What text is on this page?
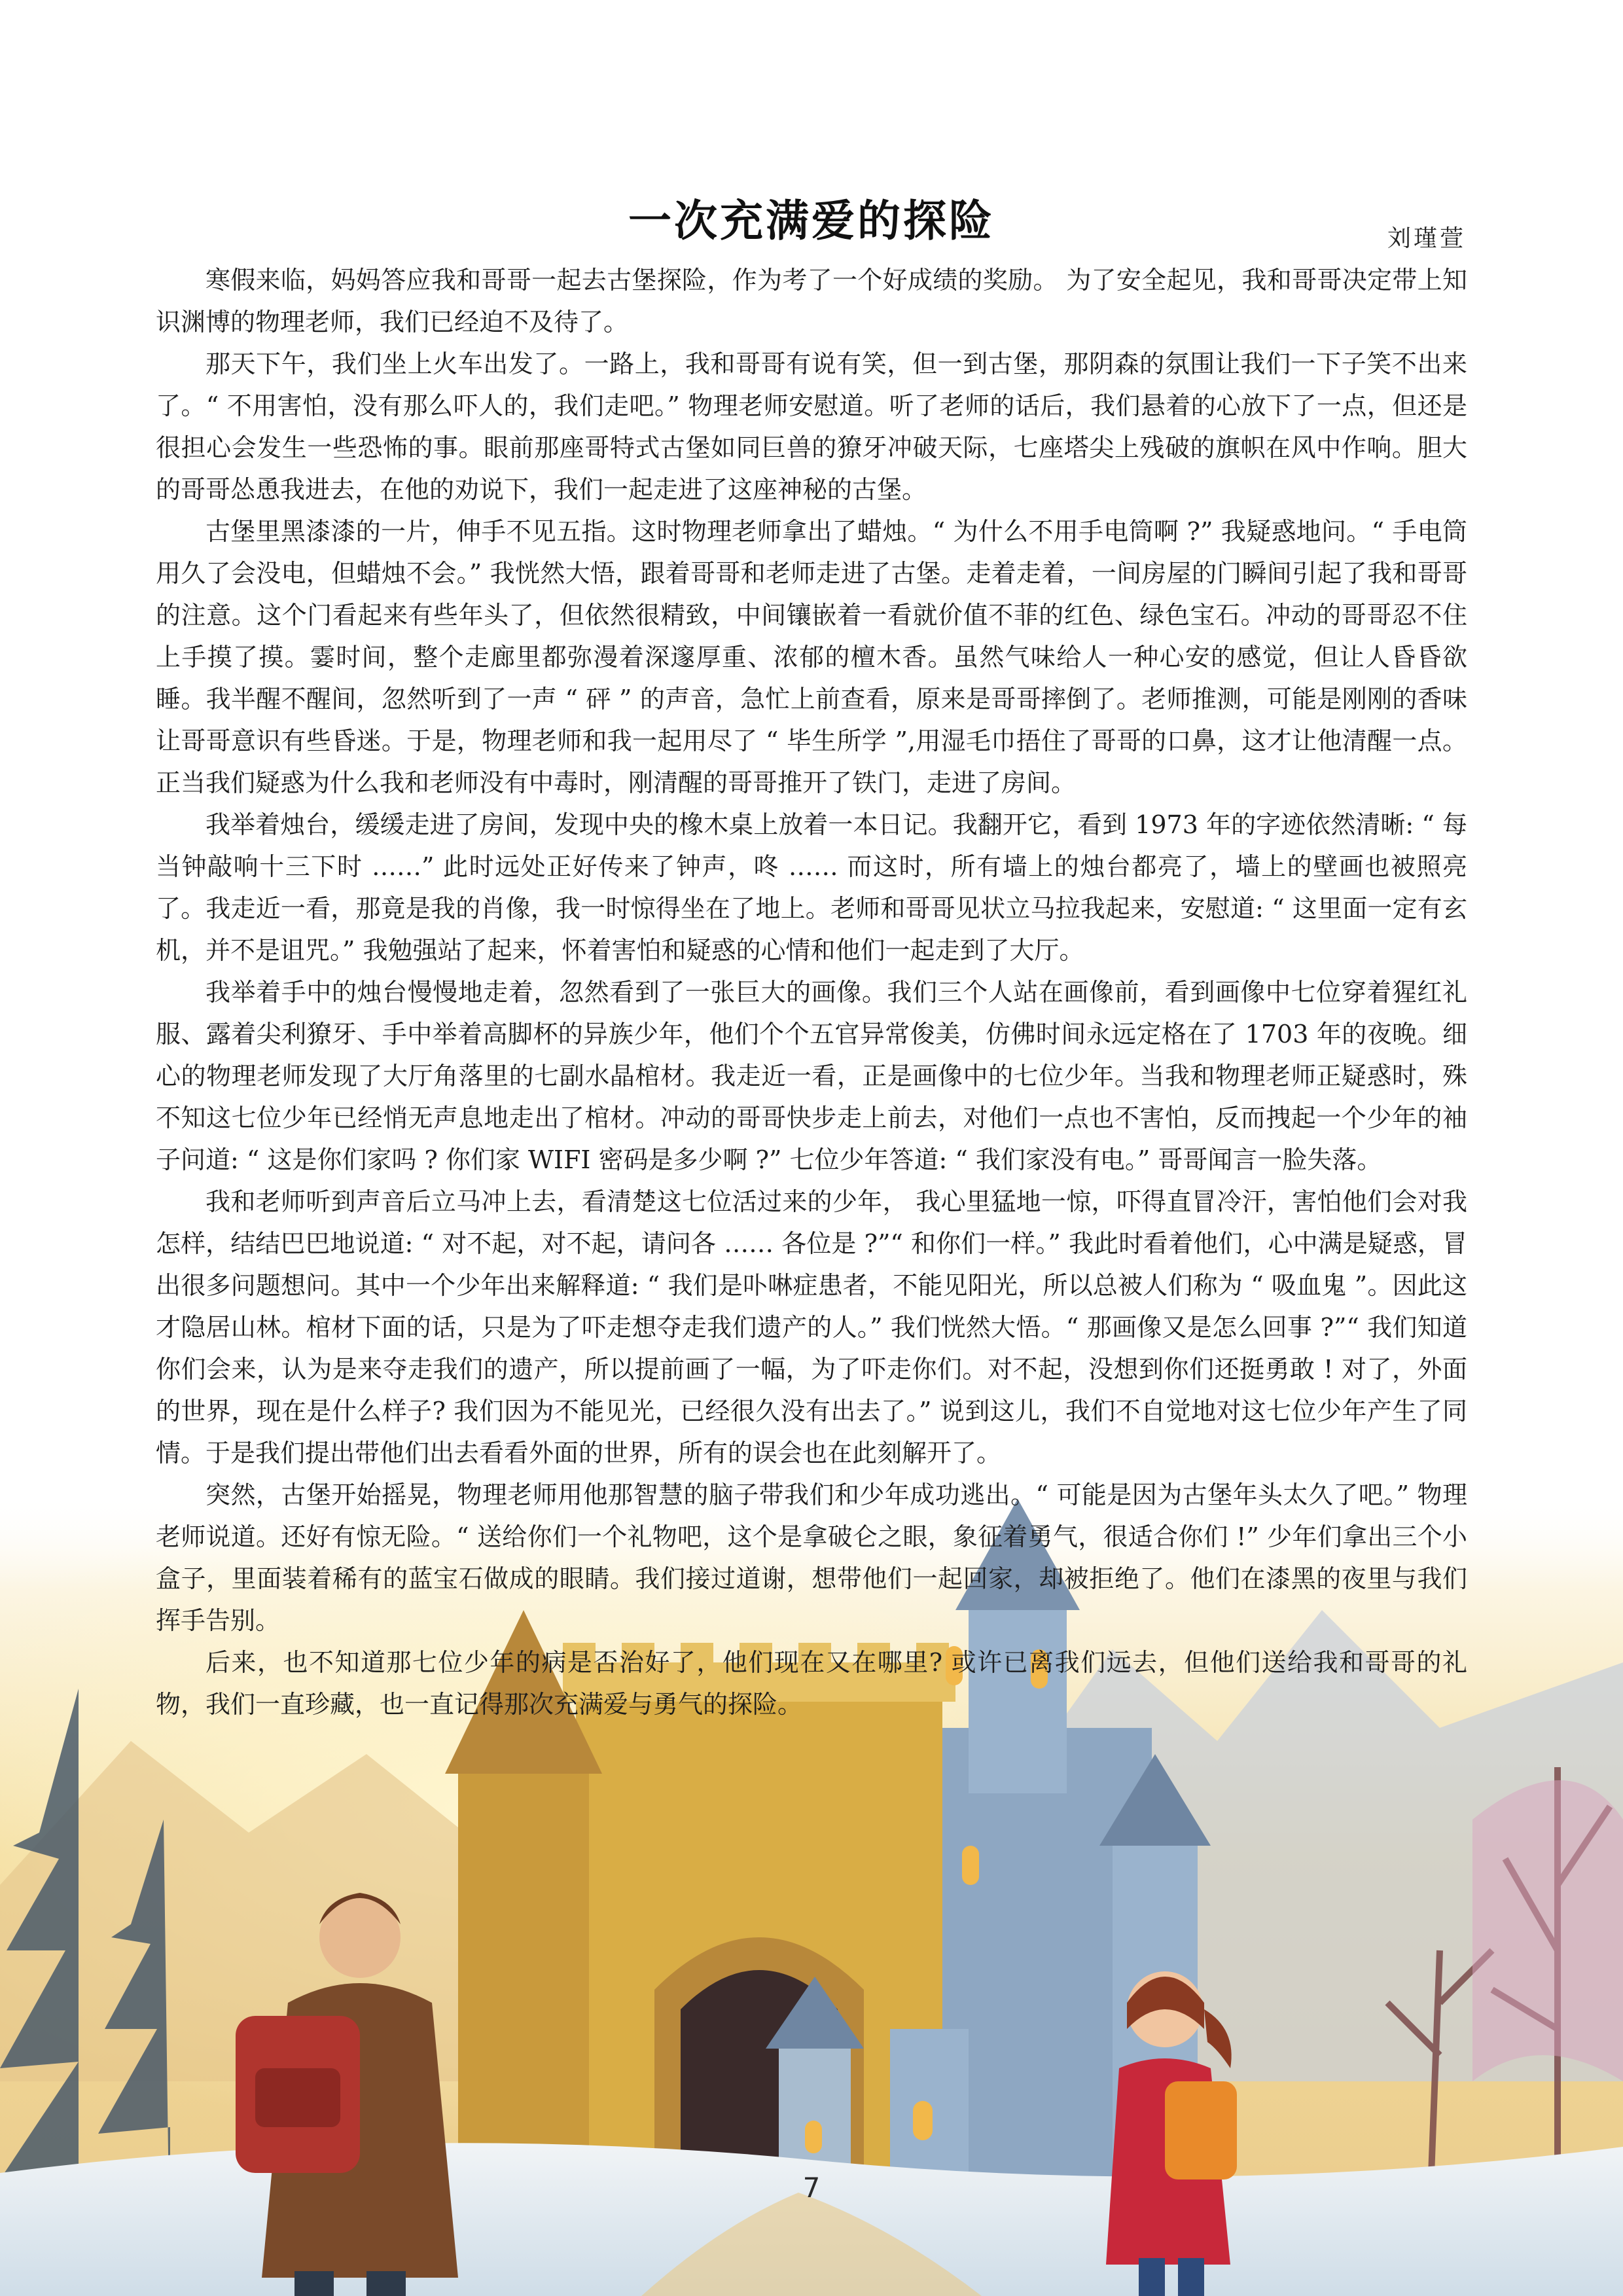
一次充满爱的探险	刘瑾萱

寒假来临，妈妈答应我和哥哥一起去古堡探险，作为考了一个好成绩的奖励。 为了安全起见，我和哥哥决定带上知识渊博的物理老师，我们已经迫不及待了。

那天下午，我们坐上火车出发了。一路上，我和哥哥有说有笑，但一到古堡，那阴森的氛围让我们一下子笑不出来了。“ 不用害怕，没有那么吓人的，我们走吧。” 物理老师安慰道。听了老师的话后，我们悬着的心放下了一点，但还是很担心会发生一些恐怖的事。眼前那座哥特式古堡如同巨兽的獠牙冲破天际，七座塔尖上残破的旗帜在风中作响。胆大的哥哥怂恿我进去，在他的劝说下，我们一起走进了这座神秘的古堡。

古堡里黑漆漆的一片，伸手不见五指。这时物理老师拿出了蜡烛。“ 为什么不用手电筒啊 ?” 我疑惑地问。“ 手电筒用久了会没电，但蜡烛不会。” 我恍然大悟，跟着哥哥和老师走进了古堡。走着走着，一间房屋的门瞬间引起了我和哥哥的注意。这个门看起来有些年头了，但依然很精致，中间镶嵌着一看就价值不菲的红色、绿色宝石。冲动的哥哥忍不住上手摸了摸。霎时间，整个走廊里都弥漫着深邃厚重、浓郁的檀木香。虽然气味给人一种心安的感觉，但让人昏昏欲睡。我半醒不醒间，忽然听到了一声 “ 砰 ” 的声音，急忙上前查看，原来是哥哥摔倒了。老师推测，可能是刚刚的香味让哥哥意识有些昏迷。于是，物理老师和我一起用尽了 “ 毕生所学 ”,用湿毛巾捂住了哥哥的口鼻，这才让他清醒一点。正当我们疑惑为什么我和老师没有中毒时，刚清醒的哥哥推开了铁门，走进了房间。

我举着烛台，缓缓走进了房间，发现中央的橡木桌上放着一本日记。我翻开它，看到 1973 年的字迹依然清晰: “ 每当钟敲响十三下时 ……” 此时远处正好传来了钟声，咚 …… 而这时，所有墙上的烛台都亮了，墙上的壁画也被照亮了。我走近一看，那竟是我的肖像，我一时惊得坐在了地上。老师和哥哥见状立马拉我起来，安慰道: “ 这里面一定有玄机，并不是诅咒。” 我勉强站了起来，怀着害怕和疑惑的心情和他们一起走到了大厅。

我举着手中的烛台慢慢地走着，忽然看到了一张巨大的画像。我们三个人站在画像前，看到画像中七位穿着猩红礼服、露着尖利獠牙、手中举着高脚杯的异族少年，他们个个五官异常俊美，仿佛时间永远定格在了 1703 年的夜晚。细心的物理老师发现了大厅角落里的七副水晶棺材。我走近一看，正是画像中的七位少年。当我和物理老师正疑惑时，殊不知这七位少年已经悄无声息地走出了棺材。冲动的哥哥快步走上前去，对他们一点也不害怕，反而拽起一个少年的袖子问道: “ 这是你们家吗 ? 你们家 WIFI 密码是多少啊 ?” 七位少年答道: “ 我们家没有电。” 哥哥闻言一脸失落。

我和老师听到声音后立马冲上去，看清楚这七位活过来的少年， 我心里猛地一惊，吓得直冒冷汗，害怕他们会对我怎样，结结巴巴地说道: “ 对不起，对不起，请问各 …… 各位是 ?”“ 和你们一样。” 我此时看着他们，心中满是疑惑，冒出很多问题想问。其中一个少年出来解释道: “ 我们是卟啉症患者，不能见阳光，所以总被人们称为 “ 吸血鬼 ”。因此这才隐居山林。棺材下面的话，只是为了吓走想夺走我们遗产的人。” 我们恍然大悟。“ 那画像又是怎么回事 ?”“ 我们知道你们会来，认为是来夺走我们的遗产，所以提前画了一幅，为了吓走你们。对不起，没想到你们还挺勇敢 ! 对了，外面的世界，现在是什么样子? 我们因为不能见光，已经很久没有出去了。” 说到这儿，我们不自觉地对这七位少年产生了同情。于是我们提出带他们出去看看外面的世界，所有的误会也在此刻解开了。

突然，古堡开始摇晃，物理老师用他那智慧的脑子带我们和少年成功逃出。“ 可能是因为古堡年头太久了吧。” 物理老师说道。还好有惊无险。“ 送给你们一个礼物吧，这个是拿破仑之眼，象征着勇气，很适合你们 !” 少年们拿出三个小盒子，里面装着稀有的蓝宝石做成的眼睛。我们接过道谢，想带他们一起回家，却被拒绝了。他们在漆黑的夜里与我们挥手告别。

后来，也不知道那七位少年的病是否治好了，他们现在又在哪里? 或许已离我们远去，但他们送给我和哥哥的礼物，我们一直珍藏，也一直记得那次充满爱与勇气的探险。

7
